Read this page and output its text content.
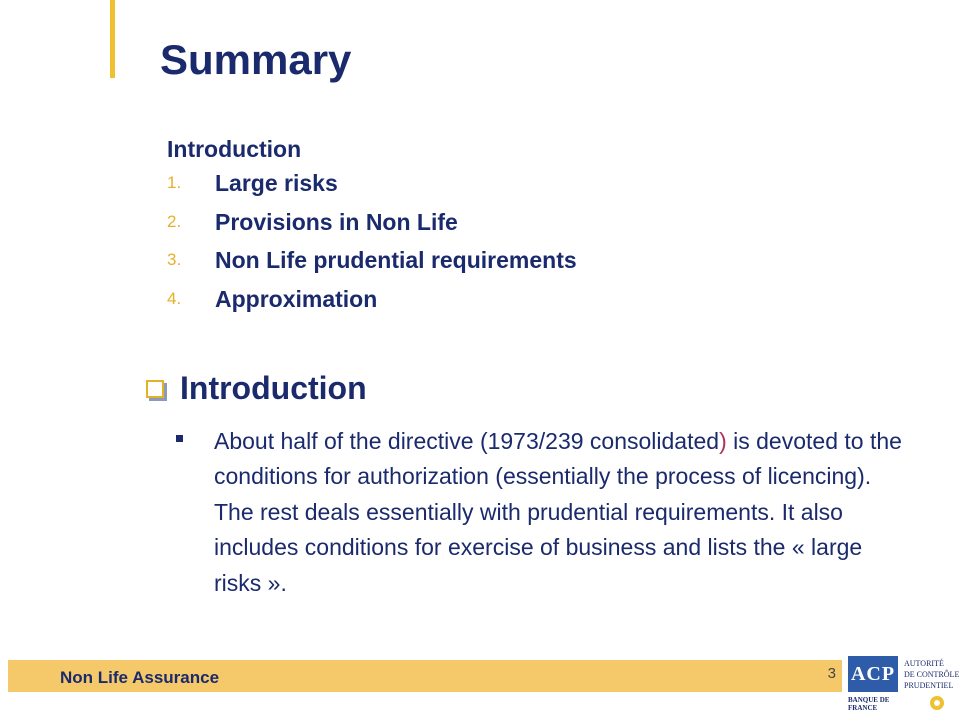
Summary
Introduction
1. Large risks
2. Provisions in Non Life
3. Non Life prudential requirements
4. Approximation
Introduction
About half of the directive (1973/239 consolidated) is devoted to the conditions for authorization (essentially the process of licencing). The rest deals essentially with prudential requirements. It also includes conditions for exercise of business and lists the « large risks ».
Non Life Assurance	3 ACP	AUTORITÉ
DE CONTRÔLE
PRUDENTIEL
BANQUE DE FRANCE
